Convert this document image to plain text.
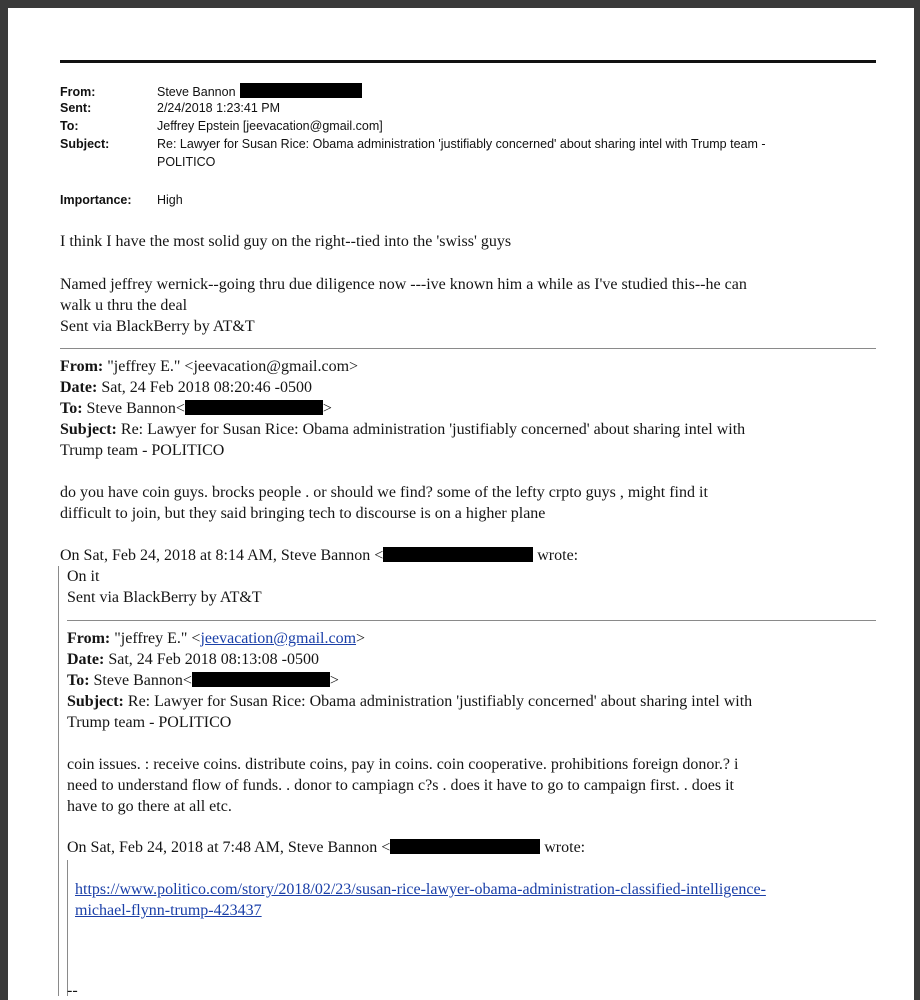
From:	Steve Bannon
Sent:	2/24/2018 1:23:41 PM
To:	Jeffrey Epstein [jeevacation@gmail.com]
Subject:	Re: Lawyer for Susan Rice: Obama administration 'justifiably concerned' about sharing intel with Trump team -
POLITICO
Importance: High
I think I have the most solid guy on the right--tied into the 'swiss' guys
Named jeffrey wernick--going thru due diligence now ---ive known him a while as I've studied this--he can
walk u thru the deal
Sent via BlackBerry by AT&T
From: "jeffrey E." <jeevacation@gmail.com>
Date: Sat, 24 Feb 2018 08:20:46 -0500
To: Steve Bannon<	>
Subject: Re: Lawyer for Susan Rice: Obama administration 'justifiably concerned' about sharing intel with
Trump team - POLITICO
do you have coin guys. brocks people . or should we find? some of the lefty crpto guys , might find it
difficult to join, but they said bringing tech to discourse is on a higher plane
On Sat, Feb 24, 2018 at 8:14 AM, Steve Bannon <	wrote:
On it
Sent via BlackBerry by AT&T
From: "jeffrey E." <jeevacation@gmail.com>
Date: Sat, 24 Feb 2018 08:13:08 -0500
To: Steve Bannon<	>
Subject: Re: Lawyer for Susan Rice: Obama administration 'justifiably concerned' about sharing intel with
Trump team - POLITICO
coin issues. : receive coins. distribute coins, pay in coins. coin cooperative. prohibitions foreign donor.? i
need to understand flow of funds. . donor to campiagn c?s . does it have to go to campaign first. . does it
have to go there at all etc.
On Sat, Feb 24, 2018 at 7:48 AM, Steve Bannon <	wrote:
https://www.politico.com/story/2018/02/23/susan-rice-lawyer-obama-administration-classified-intelligence-
michael-flynn-trump-423437
--
